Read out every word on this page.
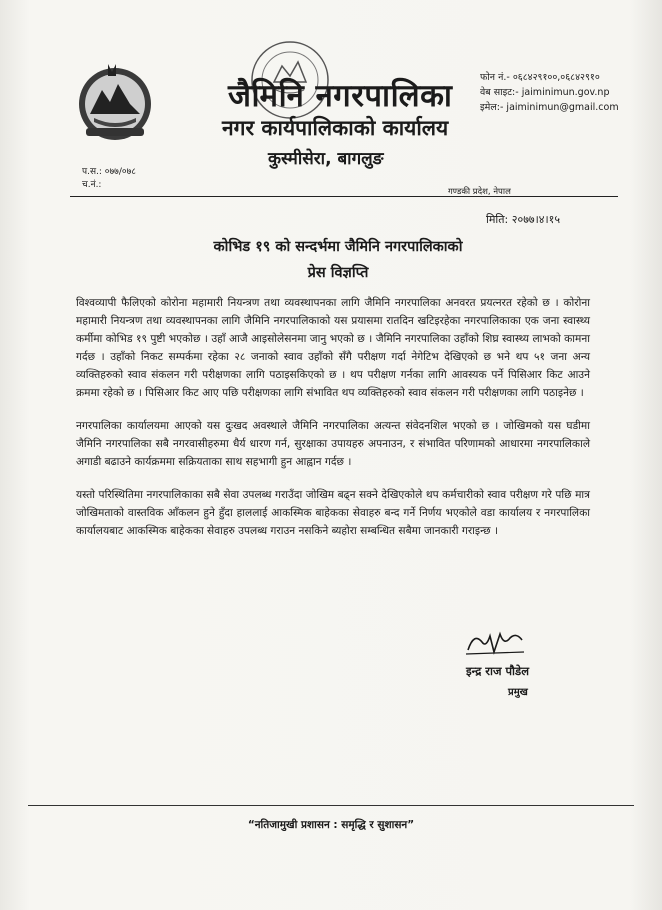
जैमिनि नगरपालिका
नगर कार्यपालिकाको कार्यालय
कुस्मीसेरा, बागलुङ
फोन नं.- ०६८४२९१००,०६८४२९१०
वेब साइट:- jaiminimun.gov.np
इमेल:- jaiminimun@gmail.com
प.स.: ०७७/०७८
च.नं.:
गण्डकी प्रदेश, नेपाल
मिति: २०७७।४।१५
कोभिड १९ को सन्दर्भमा जैमिनि नगरपालिकाको
प्रेस विज्ञप्ति

विश्वव्यापी फैलिएको कोरोना महामारी नियन्त्रण तथा व्यवस्थापनका लागि जैमिनि नगरपालिका अनवरत प्रयत्नरत रहेको छ । कोरोना महामारी नियन्त्रण तथा व्यवस्थापनका लागि जैमिनि नगरपालिकाको यस प्रयासमा रातदिन खटिइरहेका नगरपालिकाका एक जना स्वास्थ्य कर्मीमा कोभिड १९ पुष्टी भएकोछ । उहाँ आजै आइसोलेसनमा जानु भएको छ । जैमिनि नगरपालिका उहाँको शिघ्र स्वास्थ्य लाभको कामना गर्दछ । उहाँको निकट सम्पर्कमा रहेका २८ जनाको स्वाव उहाँको सँगै परीक्षण गर्दा नेगेटिभ देखिएको छ भने थप ५१ जना अन्य व्यक्तिहरुको स्वाव संकलन गरी परीक्षणका लागि पठाइसकिएको छ । थप परीक्षण गर्नका लागि आवस्यक पर्ने पिसिआर किट आउने क्रममा रहेको छ । पिसिआर किट आए पछि परीक्षणका लागि संभावित थप व्यक्तिहरुको स्वाव संकलन गरी परीक्षणका लागि पठाइनेछ ।

नगरपालिका कार्यालयमा आएको यस दुःखद अवस्थाले जैमिनि नगरपालिका अत्यन्त संवेदनशिल भएको छ । जोखिमको यस घडीमा जैमिनि नगरपालिका सबै नगरवासीहरुमा धैर्य धारण गर्न, सुरक्षाका उपायहरु अपनाउन, र संभावित परिणामको आधारमा नगरपालिकाले अगाडी बढाउने कार्यक्रममा सक्रियताका साथ सहभागी हुन आह्वान गर्दछ ।

यस्तो परिस्थितिमा नगरपालिकाका सबै सेवा उपलब्ध गराउँदा जोखिम बढ्न सक्ने देखिएकोले थप कर्मचारीको स्वाव परीक्षण गरे पछि मात्र जोखिमताको वास्तविक आँकलन हुने हुँदा हाललाई आकस्मिक बाहेकका सेवाहरु बन्द गर्ने निर्णय भएकोले वडा कार्यालय र नगरपालिका कार्यालयबाट आकस्मिक बाहेकका सेवाहरु उपलब्ध गराउन नसकिने ब्यहोरा सम्बन्धित सबैमा जानकारी गराइन्छ ।

इन्द्र राज पौडेल
प्रमुख
“नतिजामुखी प्रशासन : समृद्धि र सुशासन”
